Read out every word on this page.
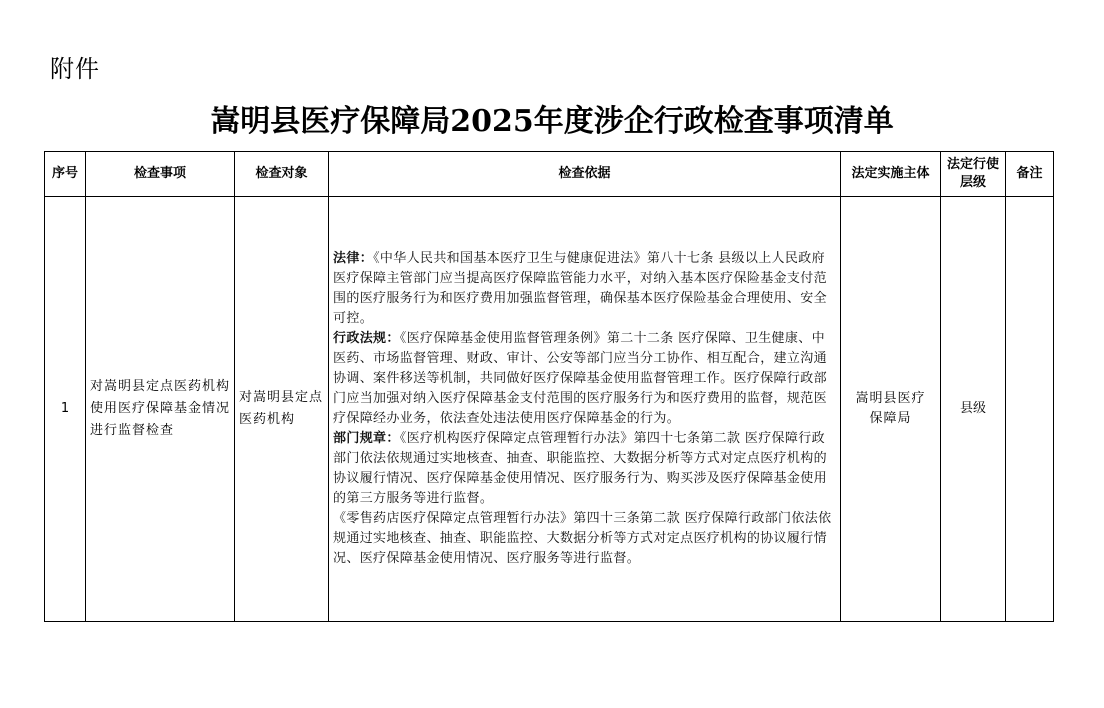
附件
嵩明县医疗保障局2025年度涉企行政检查事项清单
序号	检查事项	检查对象	检查依据	法定实施主体	法定行使层级	备注
1	对嵩明县定点医药机构使用医疗保障基金情况进行监督检查	对嵩明县定点医药机构	法律：《中华人民共和国基本医疗卫生与健康促进法》第八十七条 县级以上人民政府医疗保障主管部门应当提高医疗保障监管能力水平，对纳入基本医疗保险基金支付范围的医疗服务行为和医疗费用加强监督管理，确保基本医疗保险基金合理使用、安全可控。

行政法规：《医疗保障基金使用监督管理条例》第二十二条 医疗保障、卫生健康、中医药、市场监督管理、财政、审计、公安等部门应当分工协作、相互配合，建立沟通协调、案件移送等机制，共同做好医疗保障基金使用监督管理工作。医疗保障行政部门应当加强对纳入医疗保障基金支付范围的医疗服务行为和医疗费用的监督，规范医疗保障经办业务，依法查处违法使用医疗保障基金的行为。

部门规章：《医疗机构医疗保障定点管理暂行办法》第四十七条第二款 医疗保障行政部门依法依规通过实地核查、抽查、职能监控、大数据分析等方式对定点医疗机构的协议履行情况、医疗保障基金使用情况、医疗服务行为、购买涉及医疗保障基金使用的第三方服务等进行监督。

《零售药店医疗保障定点管理暂行办法》第四十三条第二款 医疗保障行政部门依法依规通过实地核查、抽查、职能监控、大数据分析等方式对定点医疗机构的协议履行情况、医疗保障基金使用情况、医疗服务等进行监督。	嵩明县医疗保障局	县级	
